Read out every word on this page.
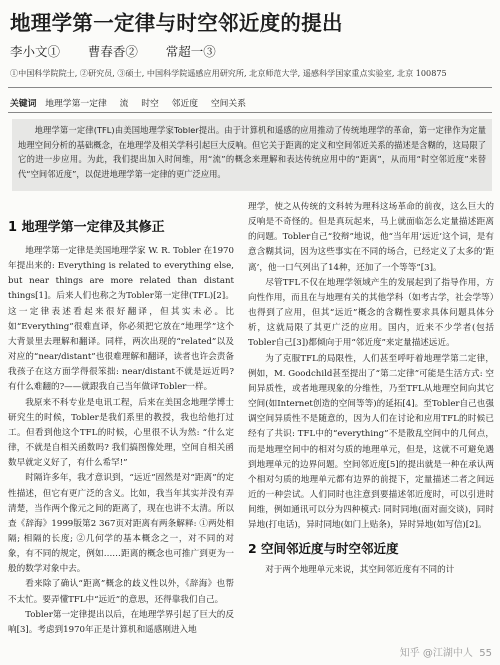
地理学第一定律与时空邻近度的提出
李小文① 曹春香② 常超一③
①中国科学院院士, ②研究员, ③硕士, 中国科学院遥感应用研究所, 北京师范大学, 遥感科学国家重点实验室, 北京 100875
关键词 地理学第一定律 流 时空 邻近度 空间关系

地理学第一定律(TFL)由美国地理学家Tobler提出。由于计算机和遥感的应用推动了传统地理学的革命，第一定律作为定量地理空间分析的基础概念，在地理学及相关学科引起巨大反响。但它关于距离的定义和空间邻近关系的描述是含糊的，这局限了它的进一步应用。为此，我们提出加入时间维，用“流”的概念来理解和表达传统应用中的“距离”，从而用“时空邻近度”来替代“空间邻近度”，以促进地理学第一定律的更广泛应用。

1 地理学第一定律及其修正

地理学第一定律是美国地理学家 W. R. Tobler 在1970年提出来的: Everything is related to everything else, but near things are more related than distant things[1]。后来人们也称之为Tobler第一定律(TFL)[2]。这一定律表述看起来很好翻译，但其实未必。比如“Everything”很难直译，你必须把它放在“地理学”这个大背景里去理解和翻译。同样，两次出现的“related”以及对应的“near/distant”也很难理解和翻译，读者也许会责备我孩子在这方面学得很笨拙: near/distant不就是远近吗? 有什么难翻的?——就跟我自己当年做译Tobler一样。

我原来不科专业是电讯工程，后来在美国念地理学博士研究生的时候，Tobler是我们系里的教授，我也给他打过工。但看到他这个TFL的时候，心里很不认为然: “什么定律，不就是自相关函数吗? 我们搞图像处理，空间自相关函数早就定义好了，有什么希罕!”

时隔许多年，我才意识到，“远近”固然是对“距离”的定性描述，但它有更广泛的含义。比如，我当年其实并没有弄清楚，当作两个像元之间的距离了，现在也讲不太清。所以查《辞海》1999版第2 367页对距离有两条解释: ①两处相隔; 相隔的长度; ②几何学的基本概念之一，对不同的对象，有不同的规定，例如……距离的概念也可推广到更为一般的数学对象中去。

看来除了确认“距离”概念的歧义性以外，《辞海》也帮不太忙。要弄懂TFL中“远近”的意思，还得靠我们自己。

Tobler第一定律提出以后，在地理学界引起了巨大的反响[3]。考虑到1970年正是计算机和遥感刚进入地

理学，使之从传统的文科转为理科这场革命的前夜，这么巨大的反响是不奇怪的。但是真玩起来，马上就面临怎么定量描述距离的问题。Tobler自己“狡辩”地说，他“当年用‘远近’这个词，是有意含糊其词，因为这些事实在不同的场合，已经定义了太多的‘距离’，他一口气列出了14种，还加了一个等等”[3]。

尽管TFL不仅在地理学领域产生的发展起到了指导作用，方向性作用，而且在与地理有关的其他学科（如考古学，社会学等）也得到了应用，但其“远近”概念的含糊性要求具体问题具体分析，这就局限了其更广泛的应用。国内，近来不少学者(包括Tobler自己[3])都倾向于用“邻近度”来定量描述远近。

为了克服TFL的局限性，人们甚至呼吁着地理学第二定律，例如，M. Goodchild甚至提出了“第二定律”可能是生活方式: 空间异质性，或者地理现象的分维性，乃至TFL从地理空间向其它空间(如Internet创造的空间等等)的延拓[4]。至Tobler自己也强调空间异质性不是随意的，因为人们在讨论和应用TFL的时候已经有了共识: TFL中的“everything”不是散乱空间中的几何点，而是地理空间中的相对匀质的地理单元，但是，这就不可避免遇到地理单元的边界问题。空间邻近度[5]的提出就是一种在承认两个相对匀质的地理单元都有边界的前提下，定量描述二者之间远近的一种尝试。人们同时也注意到要描述邻近度时，可以引进时间维，例如通讯可以分为四种模式: 同时同地(面对面交谈)，同时异地(打电话)，异时同地(如门上贴条)，异时异地(如写信)[2]。

2 空间邻近度与时空邻近度

对于两个地理单元来说，其空间邻近度有不同的计

知乎 @江湖中人 55
